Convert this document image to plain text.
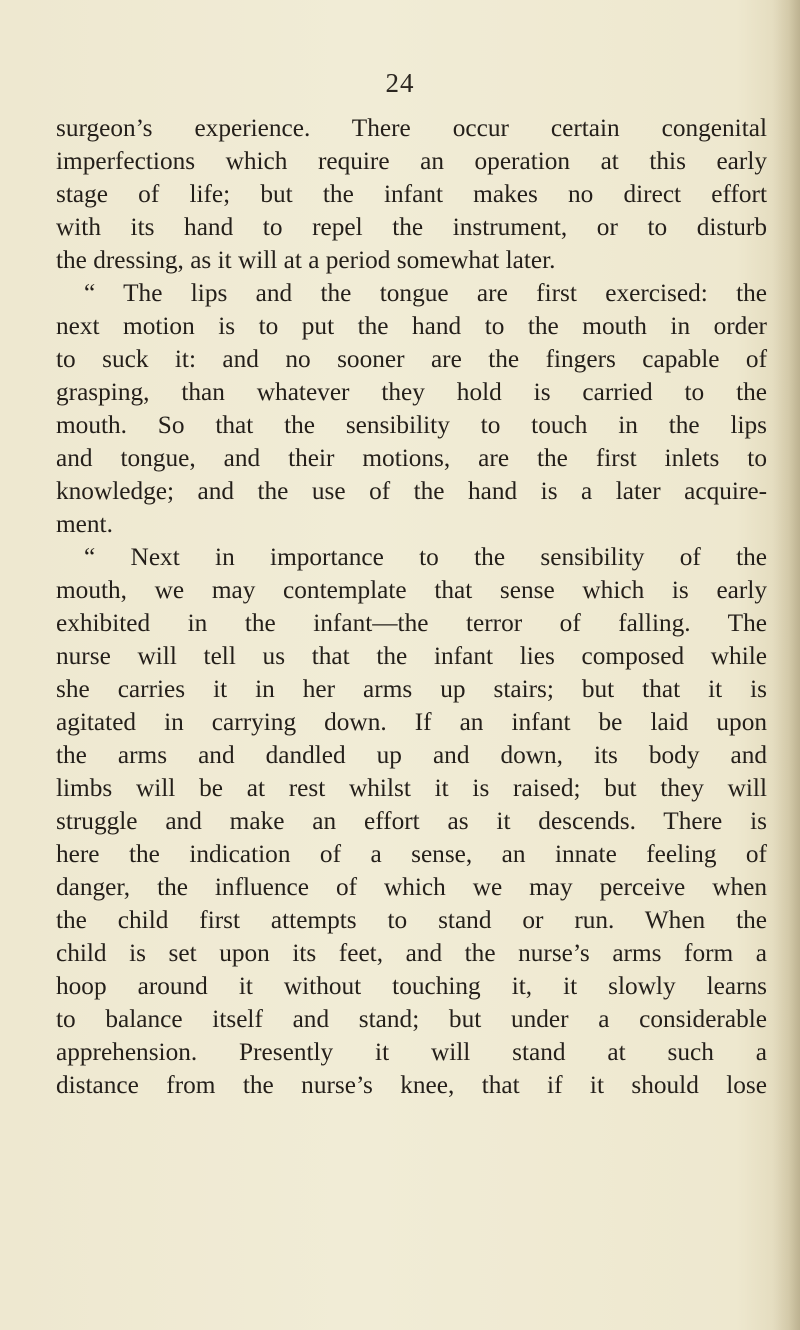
24
surgeon’s experience. There occur certain congenital
imperfections which require an operation at this early
stage of life; but the infant makes no direct effort
with its hand to repel the instrument, or to disturb
the dressing, as it will at a period somewhat later.
“ The lips and the tongue are first exercised: the
next motion is to put the hand to the mouth in order
to suck it: and no sooner are the fingers capable of
grasping, than whatever they hold is carried to the
mouth. So that the sensibility to touch in the lips
and tongue, and their motions, are the first inlets to
knowledge; and the use of the hand is a later acquire-
ment.
“ Next in importance to the sensibility of the
mouth, we may contemplate that sense which is early
exhibited in the infant—the terror of falling. The
nurse will tell us that the infant lies composed while
she carries it in her arms up stairs; but that it is
agitated in carrying down. If an infant be laid upon
the arms and dandled up and down, its body and
limbs will be at rest whilst it is raised; but they will
struggle and make an effort as it descends. There is
here the indication of a sense, an innate feeling of
danger, the influence of which we may perceive when
the child first attempts to stand or run. When the
child is set upon its feet, and the nurse’s arms form a
hoop around it without touching it, it slowly learns
to balance itself and stand; but under a considerable
apprehension. Presently it will stand at such a
distance from the nurse’s knee, that if it should lose
